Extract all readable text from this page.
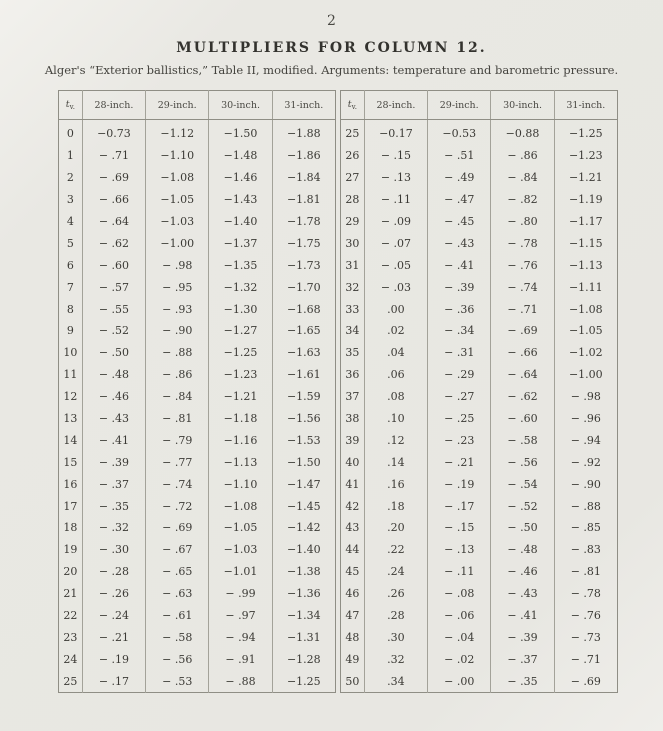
2
MULTIPLIERS FOR COLUMN 12.
Alger's “Exterior ballistics,” Table II, modified. Arguments: temperature and barometric pressure.
$t_{v.}$	28-inch.	29-inch.	30-inch.	31-inch.
0	−0.73	−1.12	−1.50	−1.88
1	− .71	−1.10	−1.48	−1.86
2	− .69	−1.08	−1.46	−1.84
3	− .66	−1.05	−1.43	−1.81
4	− .64	−1.03	−1.40	−1.78
5	− .62	−1.00	−1.37	−1.75
6	− .60	− .98	−1.35	−1.73
7	− .57	− .95	−1.32	−1.70
8	− .55	− .93	−1.30	−1.68
9	− .52	− .90	−1.27	−1.65
10	− .50	− .88	−1.25	−1.63
11	− .48	− .86	−1.23	−1.61
12	− .46	− .84	−1.21	−1.59
13	− .43	− .81	−1.18	−1.56
14	− .41	− .79	−1.16	−1.53
15	− .39	− .77	−1.13	−1.50
16	− .37	− .74	−1.10	−1.47
17	− .35	− .72	−1.08	−1.45
18	− .32	− .69	−1.05	−1.42
19	− .30	− .67	−1.03	−1.40
20	− .28	− .65	−1.01	−1.38
21	− .26	− .63	− .99	−1.36
22	− .24	− .61	− .97	−1.34
23	− .21	− .58	− .94	−1.31
24	− .19	− .56	− .91	−1.28
25	− .17	− .53	− .88	−1.25
$t_{v.}$	28-inch.	29-inch.	30-inch.	31-inch.
25	−0.17	−0.53	−0.88	−1.25
26	− .15	− .51	− .86	−1.23
27	− .13	− .49	− .84	−1.21
28	− .11	− .47	− .82	−1.19
29	− .09	− .45	− .80	−1.17
30	− .07	− .43	− .78	−1.15
31	− .05	− .41	− .76	−1.13
32	− .03	− .39	− .74	−1.11
33	.00	− .36	− .71	−1.08
34	.02	− .34	− .69	−1.05
35	.04	− .31	− .66	−1.02
36	.06	− .29	− .64	−1.00
37	.08	− .27	− .62	− .98
38	.10	− .25	− .60	− .96
39	.12	− .23	− .58	− .94
40	.14	− .21	− .56	− .92
41	.16	− .19	− .54	− .90
42	.18	− .17	− .52	− .88
43	.20	− .15	− .50	− .85
44	.22	− .13	− .48	− .83
45	.24	− .11	− .46	− .81
46	.26	− .08	− .43	− .78
47	.28	− .06	− .41	− .76
48	.30	− .04	− .39	− .73
49	.32	− .02	− .37	− .71
50	.34	− .00	− .35	− .69
